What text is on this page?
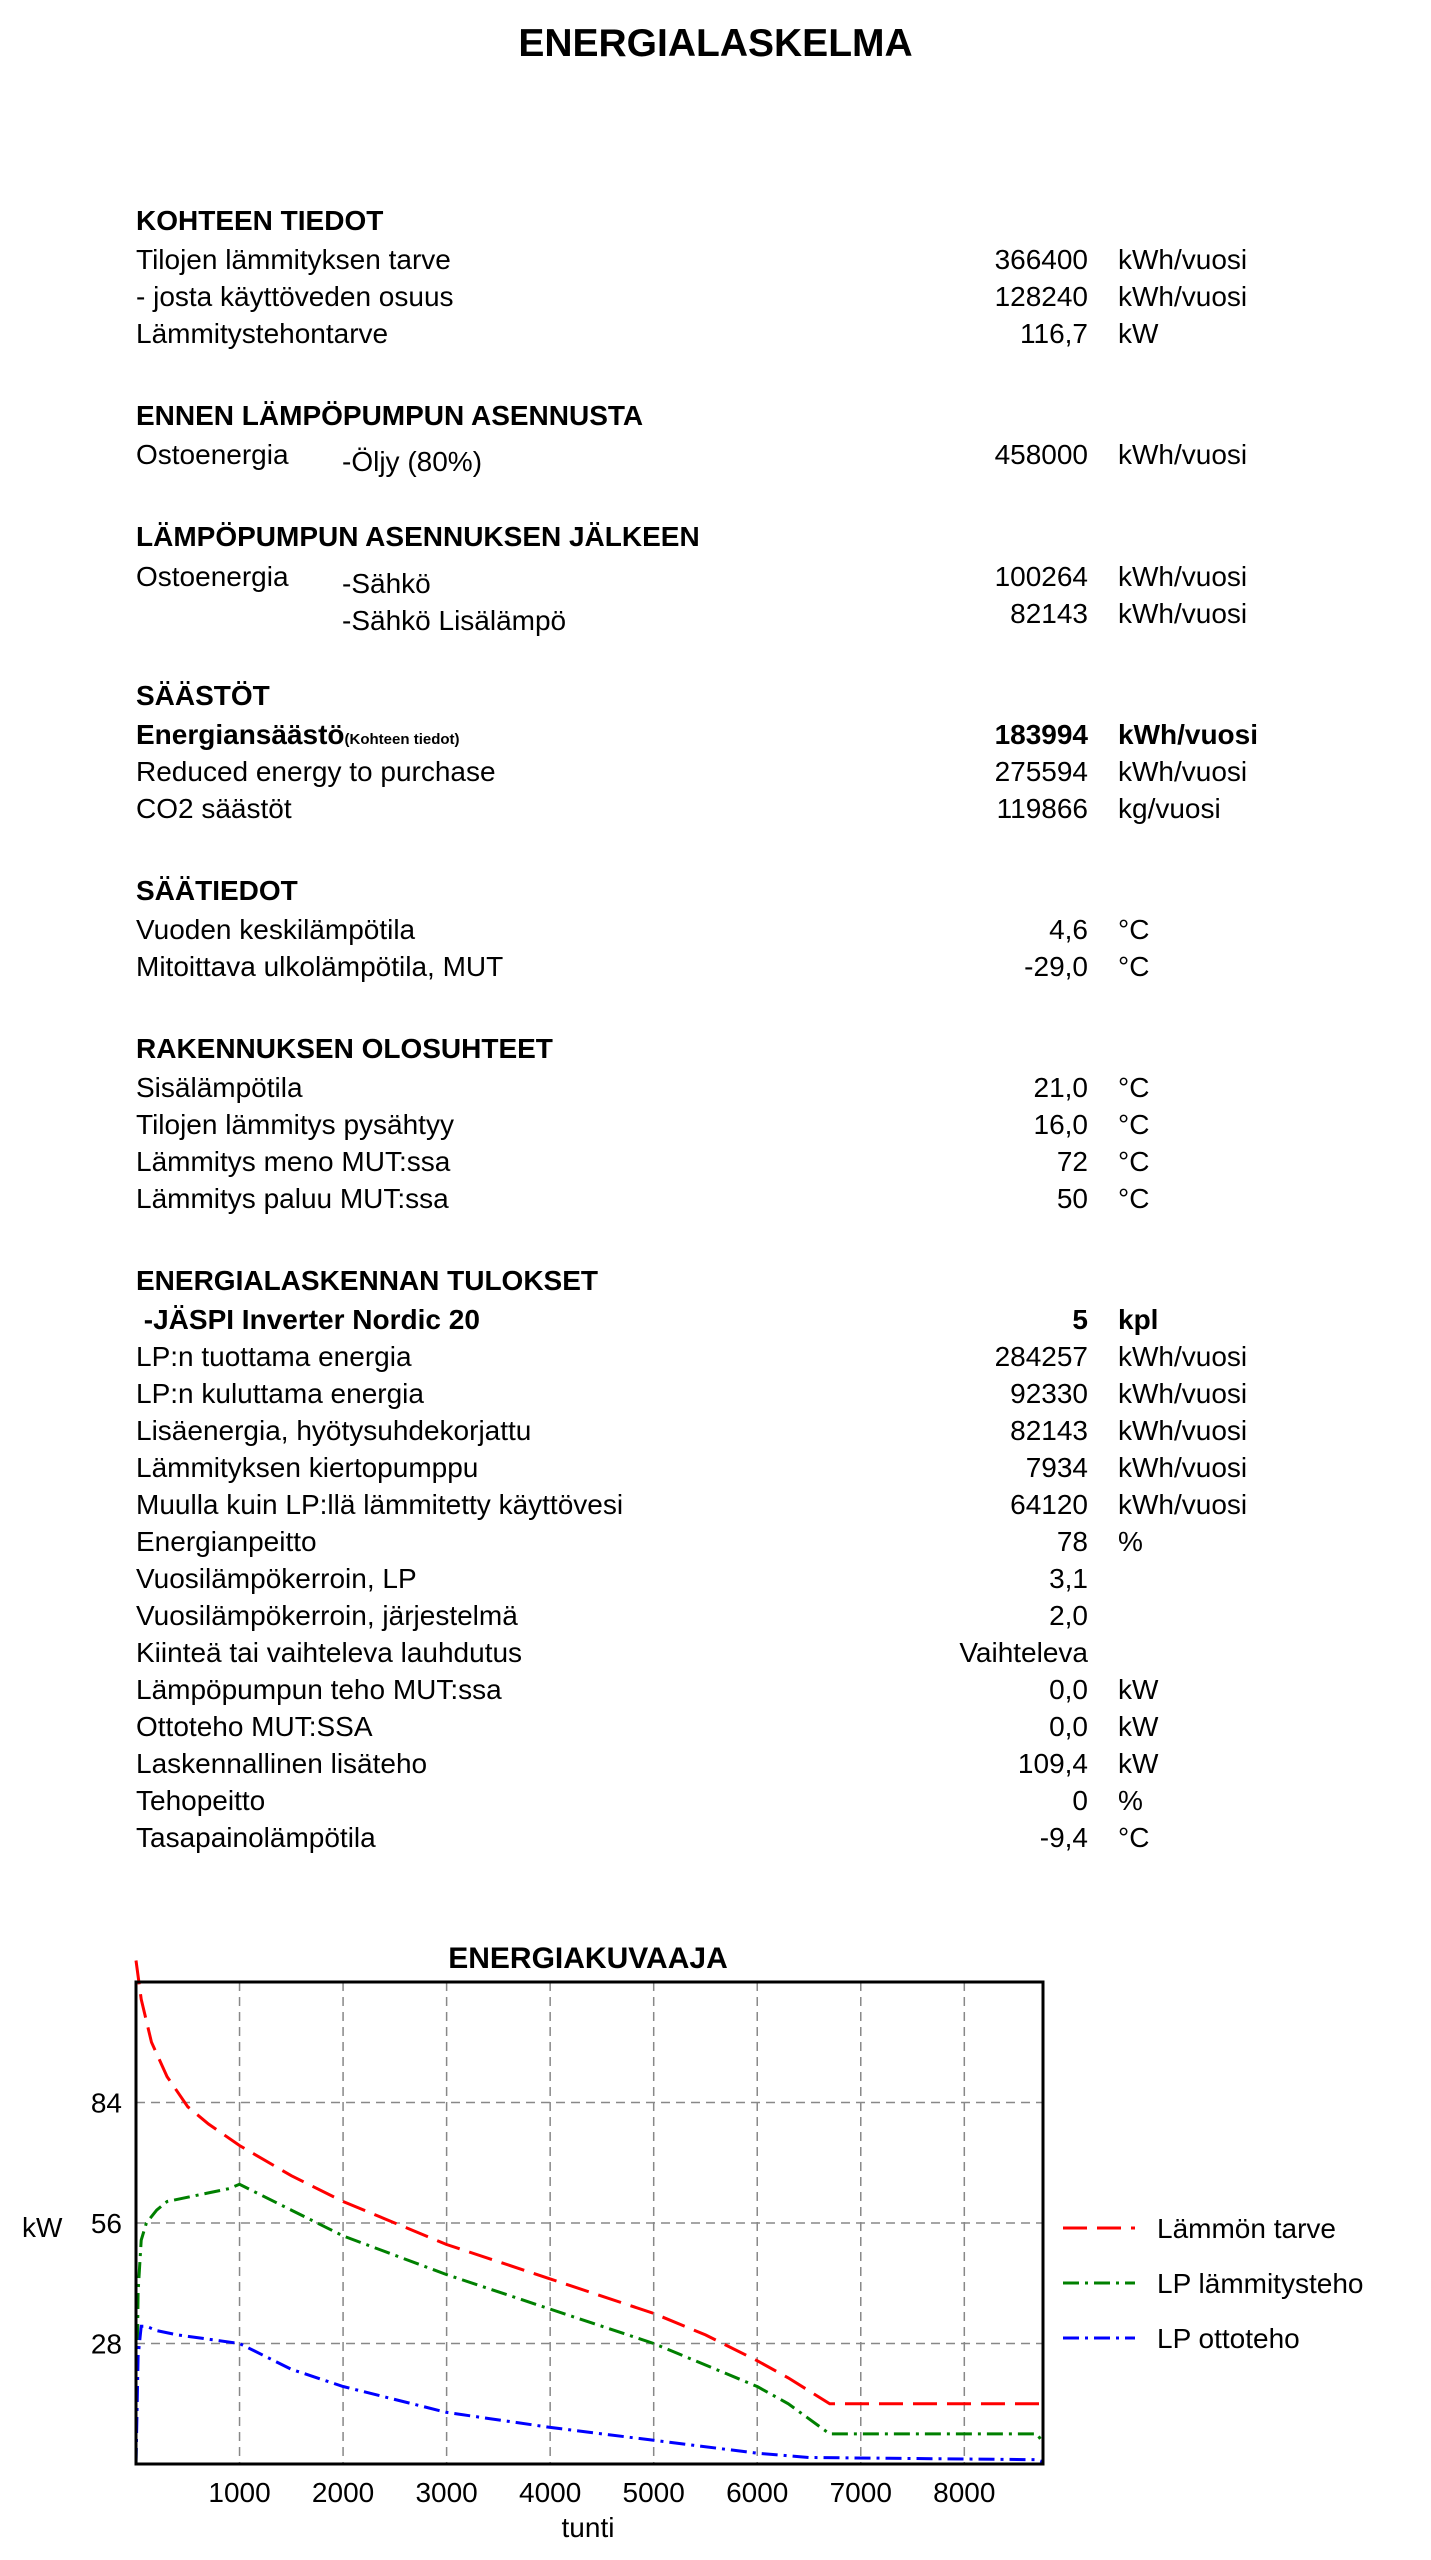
ENERGIALASKELMA
KOHTEEN TIEDOT
Tilojen lämmityksen tarve	366400 kWh/vuosi
- josta käyttöveden osuus	128240 kWh/vuosi
Lämmitystehontarve	116,7 kW
ENNEN LÄMPÖPUMPUN ASENNUSTA
Ostoenergia -Öljy (80%)	458000 kWh/vuosi
LÄMPÖPUMPUN ASENNUKSEN JÄLKEEN
Ostoenergia -Sähkö	100264 kWh/vuosi
-Sähkö Lisälämpö	82143 kWh/vuosi
SÄÄSTÖT
Energiansäästö(Kohteen tiedot)	183994 kWh/vuosi
Reduced energy to purchase	275594 kWh/vuosi
CO2 säästöt	119866 kg/vuosi
SÄÄTIEDOT
Vuoden keskilämpötila	4,6 °C
Mitoittava ulkolämpötila, MUT	-29,0 °C
RAKENNUKSEN OLOSUHTEET
Sisälämpötila	21,0 °C
Tilojen lämmitys pysähtyy	16,0 °C
Lämmitys meno MUT:ssa	72 °C
Lämmitys paluu MUT:ssa	50 °C
ENERGIALASKENNAN TULOKSET
-JÄSPI Inverter Nordic 20	5 kpl
LP:n tuottama energia	284257 kWh/vuosi
LP:n kuluttama energia	92330 kWh/vuosi
Lisäenergia, hyötysuhdekorjattu	82143 kWh/vuosi
Lämmityksen kiertopumppu	7934 kWh/vuosi
Muulla kuin LP:llä lämmitetty käyttövesi	64120 kWh/vuosi
Energianpeitto	78 %
Vuosilämpökerroin, LP	3,1
Vuosilämpökerroin, järjestelmä	2,0
Kiinteä tai vaihteleva lauhdutus	Vaihteleva
Lämpöpumpun teho MUT:ssa	0,0 kW
Ottoteho MUT:SSA	0,0 kW
Laskennallinen lisäteho	109,4 kW
Tehopeitto	0 %
Tasapainolämpötila	-9,4 °C
ENERGIAKUVAAJA
1000 2000 3000 4000 5000 6000 7000 8000
28
56
84
tunti
kW	Lämmön tarve
LP lämmitysteho
LP ottoteho
